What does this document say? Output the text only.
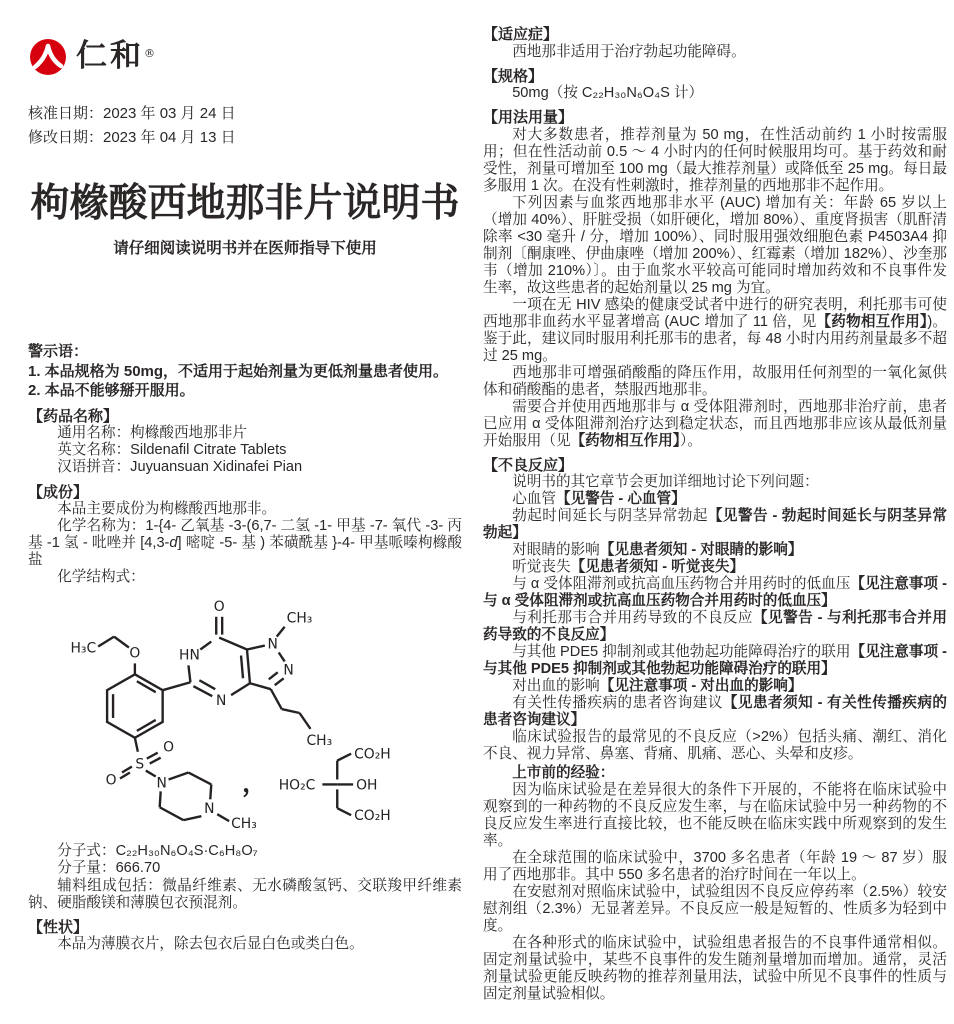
仁和®
核准日期：2023 年 03 月 24 日
修改日期：2023 年 04 月 13 日
枸橼酸西地那非片说明书
请仔细阅读说明书并在医师指导下使用
警示语：
1. 本品规格为 50mg，不适用于起始剂量为更低剂量患者使用。
2. 本品不能够掰开服用。
【药品名称】
通用名称：枸橼酸西地那非片
英文名称：Sildenafil Citrate Tablets
汉语拼音：Juyuansuan Xidinafei Pian
【成份】

本品主要成份为枸橼酸西地那非。

化学名称为：1-{4- 乙氧基 -3-(6,7- 二氢 -1- 甲基 -7- 氧代 -3- 丙基 -1 氢 - 吡唑并 [4,3-d] 嘧啶 -5- 基 ) 苯磺酰基 }-4- 甲基哌嗪枸橼酸盐

化学结构式：

O
H₃C	HN
O
N
N
CH₃
N
CH₃
S
O
O	N
N
CH₃
， HO₂C	OH
CO₂H
CO₂H
分子式：C₂₂H₃₀N₆O₄S·C₆H₈O₇
分子量：666.70

辅料组成包括：微晶纤维素、无水磷酸氢钙、交联羧甲纤维素钠、硬脂酸镁和薄膜包衣预混剂。

【性状】

本品为薄膜衣片，除去包衣后显白色或类白色。

【适应症】

西地那非适用于治疗勃起功能障碍。

【规格】

50mg（按 C₂₂H₃₀N₆O₄S 计）

【用法用量】

对大多数患者，推荐剂量为 50 mg，在性活动前约 1 小时按需服用；但在性活动前 0.5 ～ 4 小时内的任何时候服用均可。基于药效和耐受性，剂量可增加至 100 mg（最大推荐剂量）或降低至 25 mg。每日最多服用 1 次。在没有性刺激时，推荐剂量的西地那非不起作用。

下列因素与血浆西地那非水平 (AUC) 增加有关：年龄 65 岁以上（增加 40%）、肝脏受损（如肝硬化，增加 80%）、重度肾损害（肌酐清除率 <30 毫升 / 分，增加 100%）、同时服用强效细胞色素 P4503A4 抑制剂〔酮康唑、伊曲康唑（增加 200%）、红霉素（增加 182%）、沙奎那韦（增加 210%）〕。由于血浆水平较高可能同时增加药效和不良事件发生率，故这些患者的起始剂量以 25 mg 为宜。

一项在无 HIV 感染的健康受试者中进行的研究表明，利托那韦可使西地那非血药水平显著增高 (AUC 增加了 11 倍，见【药物相互作用】)。鉴于此，建议同时服用利托那韦的患者，每 48 小时内用药剂量最多不超过 25 mg。

西地那非可增强硝酸酯的降压作用，故服用任何剂型的一氧化氮供体和硝酸酯的患者，禁服西地那非。

需要合并使用西地那非与 α 受体阻滞剂时，西地那非治疗前，患者已应用 α 受体阻滞剂治疗达到稳定状态，而且西地那非应该从最低剂量开始服用（见【药物相互作用】）。

【不良反应】

说明书的其它章节会更加详细地讨论下列问题：

心血管【见警告 - 心血管】

勃起时间延长与阴茎异常勃起【见警告 - 勃起时间延长与阴茎异常勃起】

对眼睛的影响【见患者须知 - 对眼睛的影响】

听觉丧失【见患者须知 - 听觉丧失】

与 α 受体阻滞剂或抗高血压药物合并用药时的低血压【见注意事项 - 与 α 受体阻滞剂或抗高血压药物合并用药时的低血压】

与利托那韦合并用药导致的不良反应【见警告 - 与利托那韦合并用药导致的不良反应】

与其他 PDE5 抑制剂或其他勃起功能障碍治疗的联用【见注意事项 - 与其他 PDE5 抑制剂或其他勃起功能障碍治疗的联用】

对出血的影响【见注意事项 - 对出血的影响】

有关性传播疾病的患者咨询建议【见患者须知 - 有关性传播疾病的患者咨询建议】

临床试验报告的最常见的不良反应（>2%）包括头痛、潮红、消化不良、视力异常、鼻塞、背痛、肌痛、恶心、头晕和皮疹。

上市前的经验：

因为临床试验是在差异很大的条件下开展的，不能将在临床试验中观察到的一种药物的不良反应发生率，与在临床试验中另一种药物的不良反应发生率进行直接比较，也不能反映在临床实践中所观察到的发生率。

在全球范围的临床试验中，3700 多名患者（年龄 19 ～ 87 岁）服用了西地那非。其中 550 多名患者的治疗时间在一年以上。

在安慰剂对照临床试验中，试验组因不良反应停药率（2.5%）较安慰剂组（2.3%）无显著差异。不良反应一般是短暂的、性质多为轻到中度。

在各种形式的临床试验中，试验组患者报告的不良事件通常相似。固定剂量试验中，某些不良事件的发生随剂量增加而增加。通常，灵活剂量试验更能反映药物的推荐剂量用法，试验中所见不良事件的性质与固定剂量试验相似。
